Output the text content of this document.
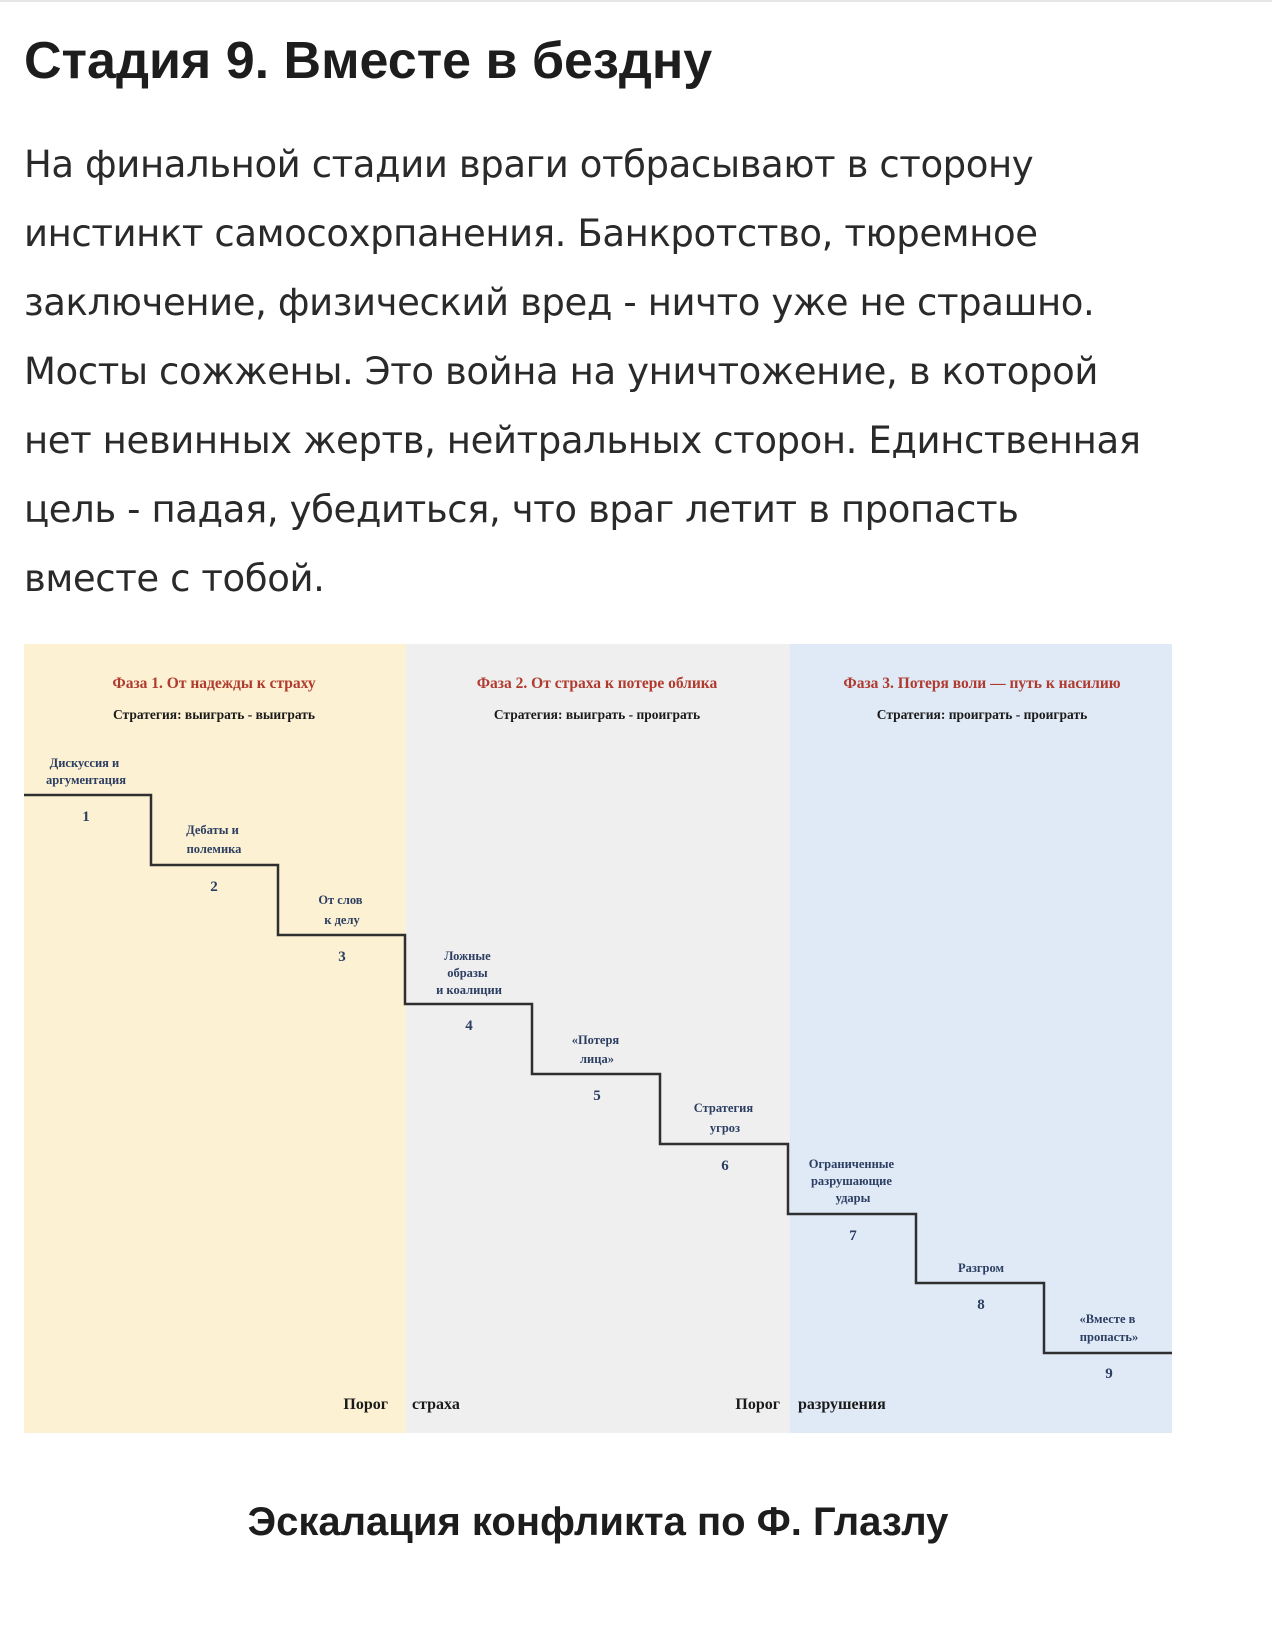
Стадия 9. Вместе в бездну
На финальной стадии враги отбрасывают в сторону
инстинкт самосохрпанения. Банкротство, тюремное
заключение, физический вред - ничто уже не страшно.
Мосты сожжены. Это война на уничтожение, в которой
нет невинных жертв, нейтральных сторон. Единственная
цель - падая, убедиться, что враг летит в пропасть
вместе с тобой.
Фаза 1. От надежды к страху
Стратегия: выиграть - выиграть
Фаза 2. От страха к потере облика
Стратегия: выиграть - проиграть
Фаза 3. Потеря воли — путь к насилию
Стратегия: проиграть - проиграть
Дискуссия и аргументация
1
Дебаты и полемика
2
От слов к делу
3	Ложные образы и коалиции
4
«Потеря лица»
5
Стратегия угроз
6	Ограниченные разрушающие удары
7
Разгром
8
«Вместе в пропасть»
9
Порог страха	Порог разрушения

Эскалация конфликта по Ф. Глазлу
